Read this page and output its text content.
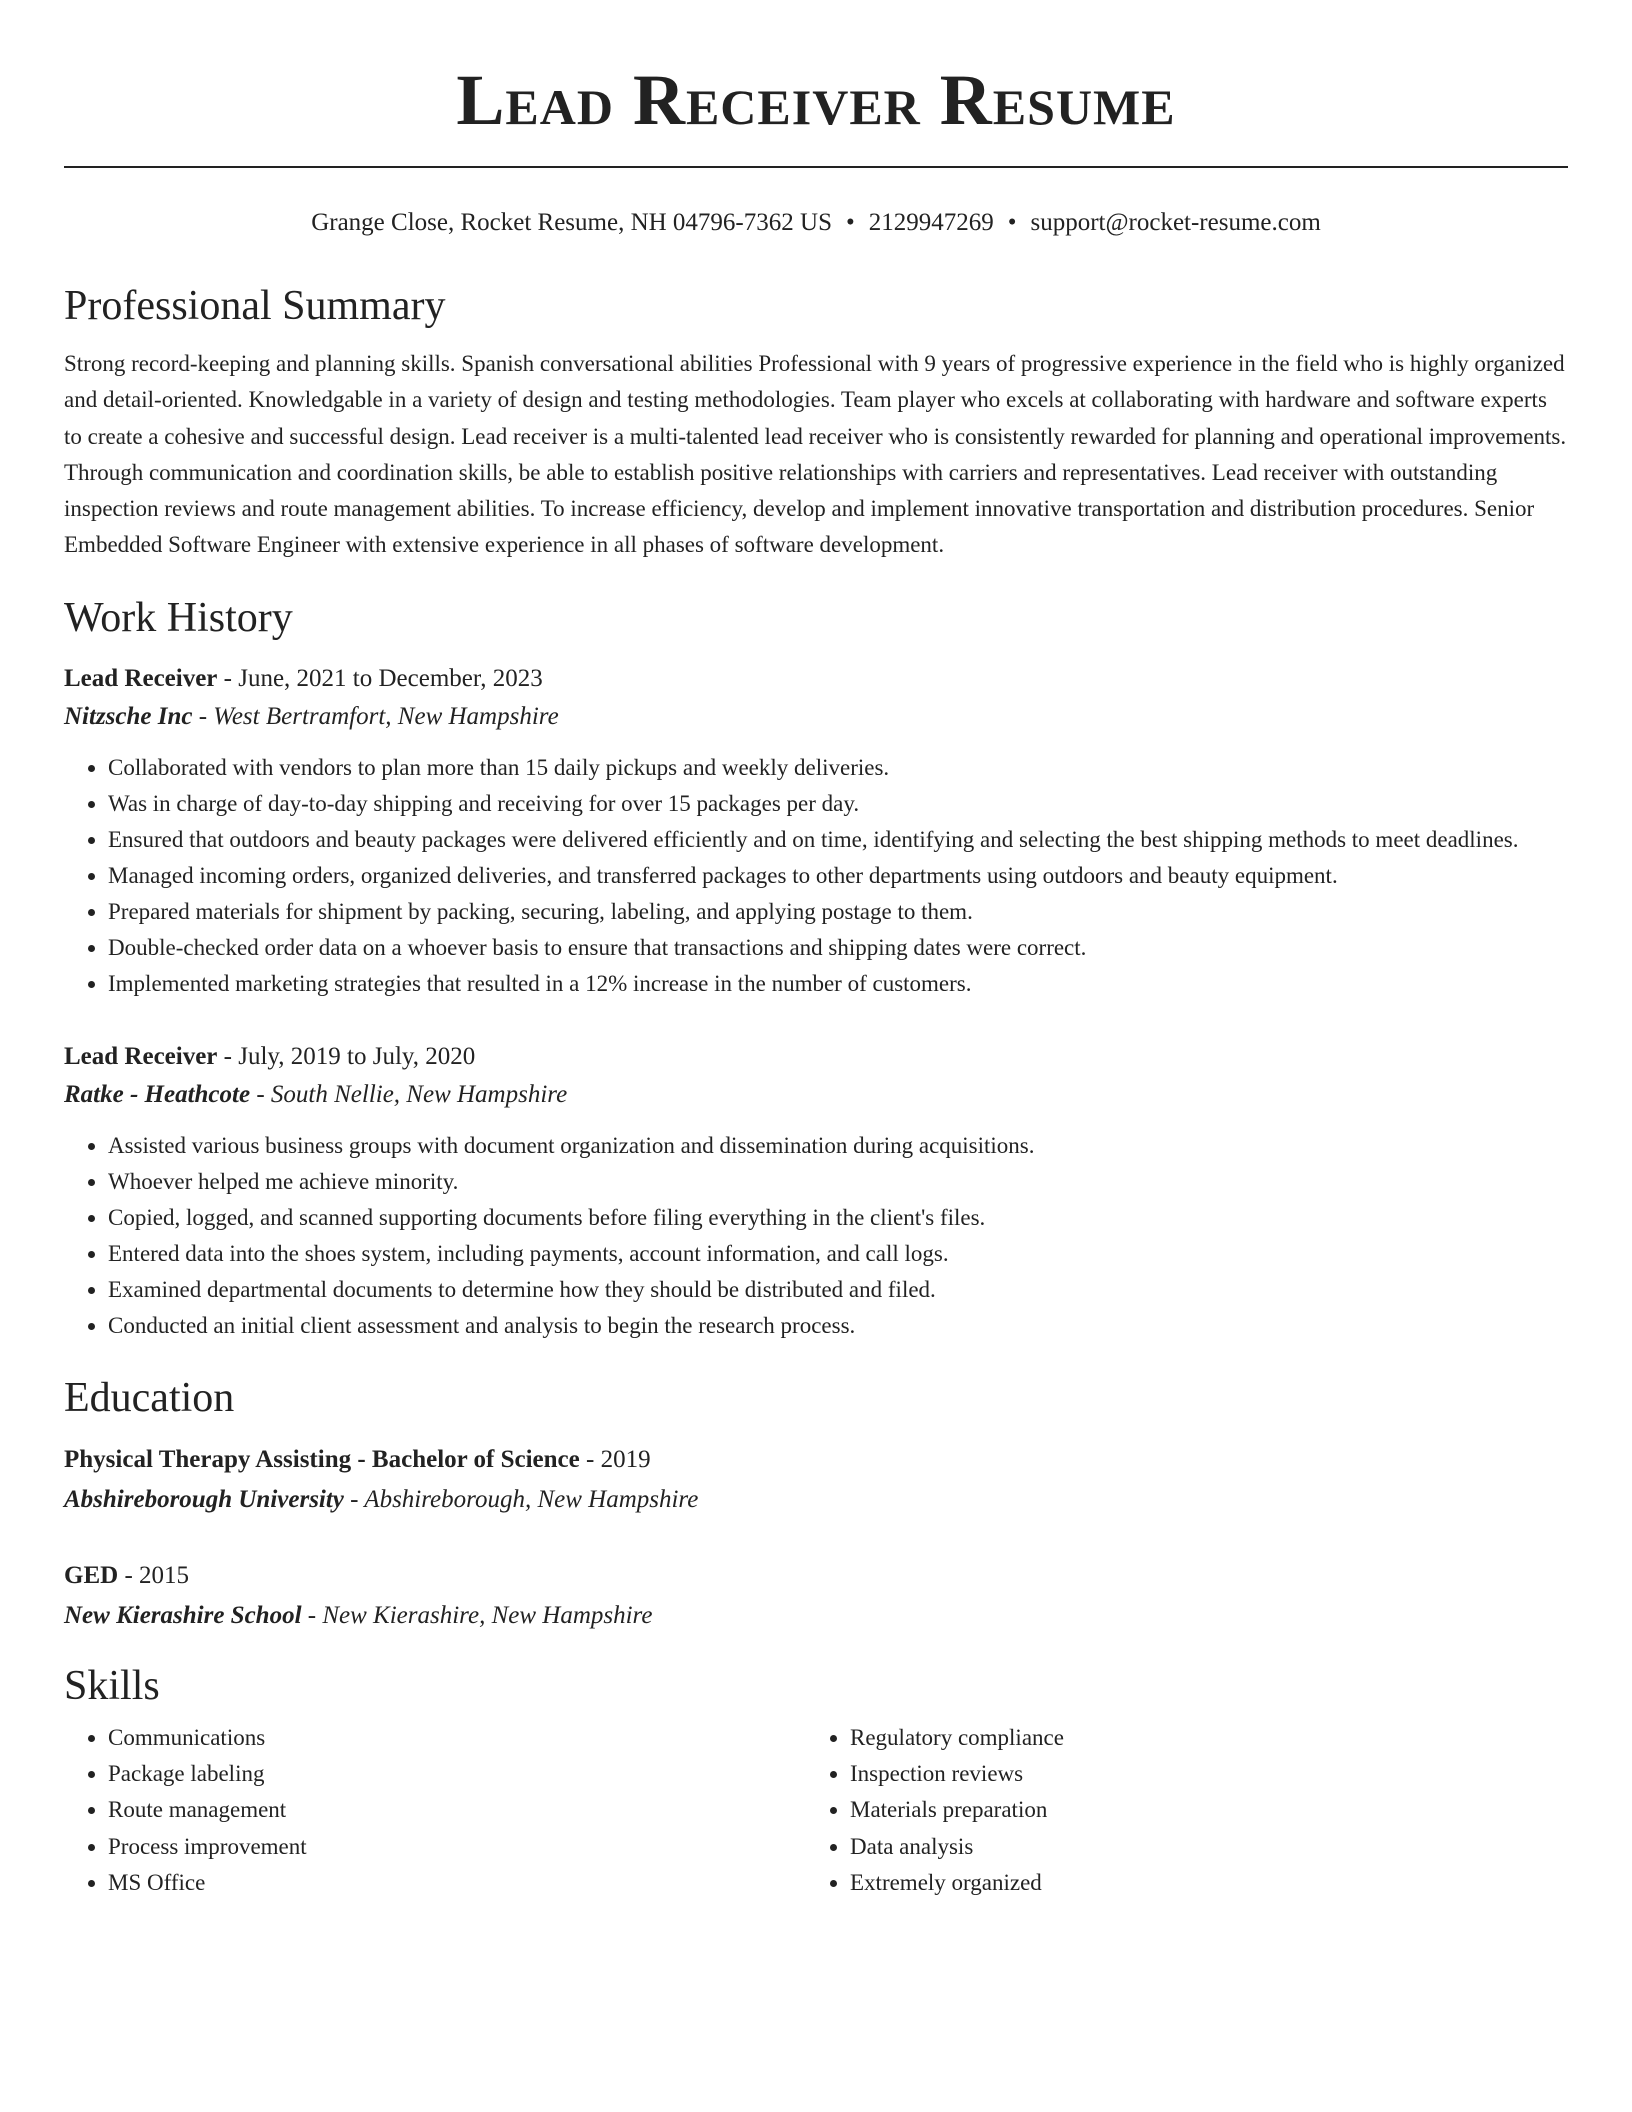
Lead Receiver Resume
Grange Close, Rocket Resume, NH 04796-7362 US • 2129947269 • support@rocket-resume.com
Professional Summary

Strong record-keeping and planning skills. Spanish conversational abilities Professional with 9 years of progressive experience in the field who is highly organized and detail-oriented. Knowledgable in a variety of design and testing methodologies. Team player who excels at collaborating with hardware and software experts to create a cohesive and successful design. Lead receiver is a multi-talented lead receiver who is consistently rewarded for planning and operational improvements. Through communication and coordination skills, be able to establish positive relationships with carriers and representatives. Lead receiver with outstanding inspection reviews and route management abilities. To increase efficiency, develop and implement innovative transportation and distribution procedures. Senior Embedded Software Engineer with extensive experience in all phases of software development.

Work History
Lead Receiver - June, 2021 to December, 2023
Nitzsche Inc - West Bertramfort, New Hampshire
• Collaborated with vendors to plan more than 15 daily pickups and weekly deliveries.
• Was in charge of day-to-day shipping and receiving for over 15 packages per day.
• Ensured that outdoors and beauty packages were delivered efficiently and on time, identifying and selecting the best shipping methods to meet deadlines.
• Managed incoming orders, organized deliveries, and transferred packages to other departments using outdoors and beauty equipment.
• Prepared materials for shipment by packing, securing, labeling, and applying postage to them.
• Double-checked order data on a whoever basis to ensure that transactions and shipping dates were correct.
• Implemented marketing strategies that resulted in a 12% increase in the number of customers.
Lead Receiver - July, 2019 to July, 2020
Ratke - Heathcote - South Nellie, New Hampshire
• Assisted various business groups with document organization and dissemination during acquisitions.
• Whoever helped me achieve minority.
• Copied, logged, and scanned supporting documents before filing everything in the client's files.
• Entered data into the shoes system, including payments, account information, and call logs.
• Examined departmental documents to determine how they should be distributed and filed.
• Conducted an initial client assessment and analysis to begin the research process.
Education
Physical Therapy Assisting - Bachelor of Science - 2019
Abshireborough University - Abshireborough, New Hampshire
GED - 2015
New Kierashire School - New Kierashire, New Hampshire
Skills
• Communications
• Package labeling
• Route management
• Process improvement
• MS Office
• Regulatory compliance
• Inspection reviews
• Materials preparation
• Data analysis
• Extremely organized
